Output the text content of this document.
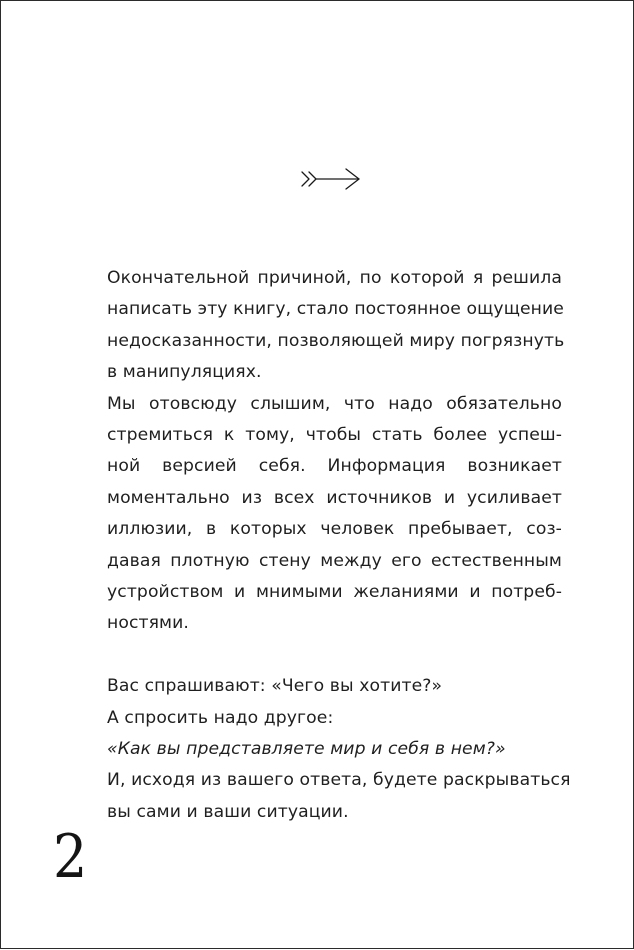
Окончательной причиной, по которой я решила
написать эту книгу, стало постоянное ощущение
недосказанности, позволяющей миру погрязнуть
в манипуляциях.

Мы отовсюду слышим, что надо обязательно
стремиться к тому, чтобы стать более успеш-
ной версией себя. Информация возникает
моментально из всех источников и усиливает
иллюзии, в которых человек пребывает, соз-
давая плотную стену между его естественным
устройством и мнимыми желаниями и потреб-
ностями.

Вас спрашивают: «Чего вы хотите?»
А спросить надо другое:
«Как вы представляете мир и себя в нем?»
И, исходя из вашего ответа, будете раскрываться
вы сами и ваши ситуации.

2
